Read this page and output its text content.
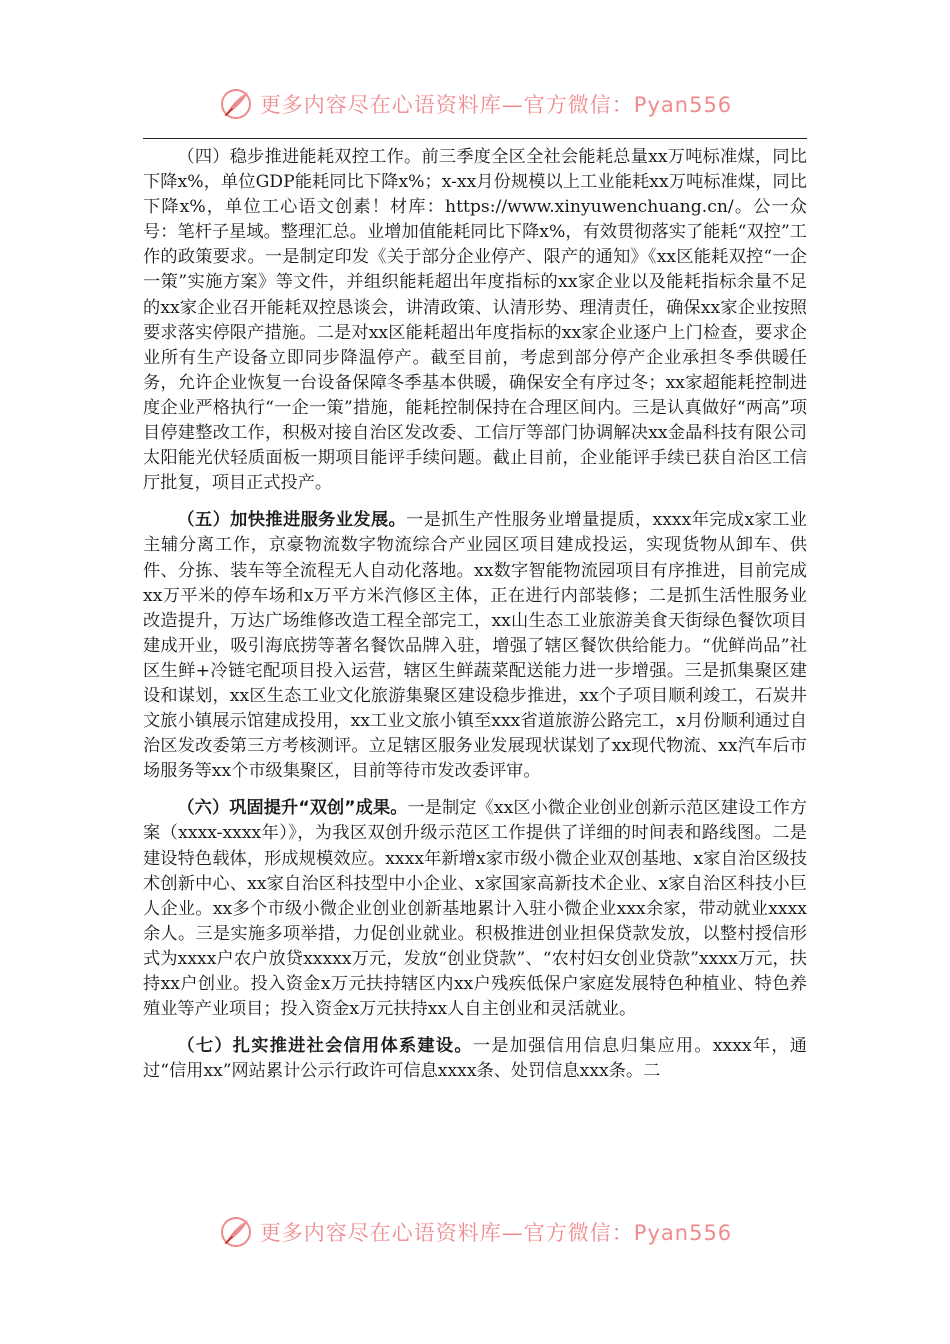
更多内容尽在心语资料库—官方微信：Pyan556

（四）稳步推进能耗双控工作。前三季度全区全社会能耗总量xx万吨标准煤，同比下降x%，单位GDP能耗同比下降x%；x-xx月份规模以上工业能耗xx万吨标准煤，同比下降x%，单位工心语文创素！材库：https://www.xinyuwenchuang.cn/。公一众号：笔杆子星域。整理汇总。业增加值能耗同比下降x%，有效贯彻落实了能耗“双控”工作的政策要求。一是制定印发《关于部分企业停产、限产的通知》《xx区能耗双控“一企一策”实施方案》等文件，并组织能耗超出年度指标的xx家企业以及能耗指标余量不足的xx家企业召开能耗双控恳谈会，讲清政策、认清形势、理清责任，确保xx家企业按照要求落实停限产措施。二是对xx区能耗超出年度指标的xx家企业逐户上门检查，要求企业所有生产设备立即同步降温停产。截至目前，考虑到部分停产企业承担冬季供暖任务，允许企业恢复一台设备保障冬季基本供暖，确保安全有序过冬；xx家超能耗控制进度企业严格执行“一企一策”措施，能耗控制保持在合理区间内。三是认真做好“两高”项目停建整改工作，积极对接自治区发改委、工信厅等部门协调解决xx金晶科技有限公司太阳能光伏轻质面板一期项目能评手续问题。截止目前，企业能评手续已获自治区工信厅批复，项目正式投产。

（五）加快推进服务业发展。一是抓生产性服务业增量提质，xxxx年完成x家工业主辅分离工作，京豪物流数字物流综合产业园区项目建成投运，实现货物从卸车、供件、分拣、装车等全流程无人自动化落地。xx数字智能物流园项目有序推进，目前完成xx万平米的停车场和x万平方米汽修区主体，正在进行内部装修；二是抓生活性服务业改造提升，万达广场维修改造工程全部完工，xx山生态工业旅游美食天街绿色餐饮项目建成开业，吸引海底捞等著名餐饮品牌入驻，增强了辖区餐饮供给能力。“优鲜尚品”社区生鲜+冷链宅配项目投入运营，辖区生鲜蔬菜配送能力进一步增强。三是抓集聚区建设和谋划，xx区生态工业文化旅游集聚区建设稳步推进，xx个子项目顺利竣工，石炭井文旅小镇展示馆建成投用，xx工业文旅小镇至xxx省道旅游公路完工，x月份顺利通过自治区发改委第三方考核测评。立足辖区服务业发展现状谋划了xx现代物流、xx汽车后市场服务等xx个市级集聚区，目前等待市发改委评审。

（六）巩固提升“双创”成果。一是制定《xx区小微企业创业创新示范区建设工作方案（xxxx-xxxx年）》，为我区双创升级示范区工作提供了详细的时间表和路线图。二是建设特色载体，形成规模效应。xxxx年新增x家市级小微企业双创基地、x家自治区级技术创新中心、xx家自治区科技型中小企业、x家国家高新技术企业、x家自治区科技小巨人企业。xx多个市级小微企业创业创新基地累计入驻小微企业xxx余家，带动就业xxxx余人。三是实施多项举措，力促创业就业。积极推进创业担保贷款发放，以整村授信形式为xxxx户农户放贷xxxxx万元，发放“创业贷款”、“农村妇女创业贷款”xxxx万元，扶持xx户创业。投入资金x万元扶持辖区内xx户残疾低保户家庭发展特色种植业、特色养殖业等产业项目；投入资金x万元扶持xx人自主创业和灵活就业。

（七）扎实推进社会信用体系建设。一是加强信用信息归集应用。xxxx年，通过“信用xx”网站累计公示行政许可信息xxxx条、处罚信息xxx条。二

更多内容尽在心语资料库—官方微信：Pyan556
